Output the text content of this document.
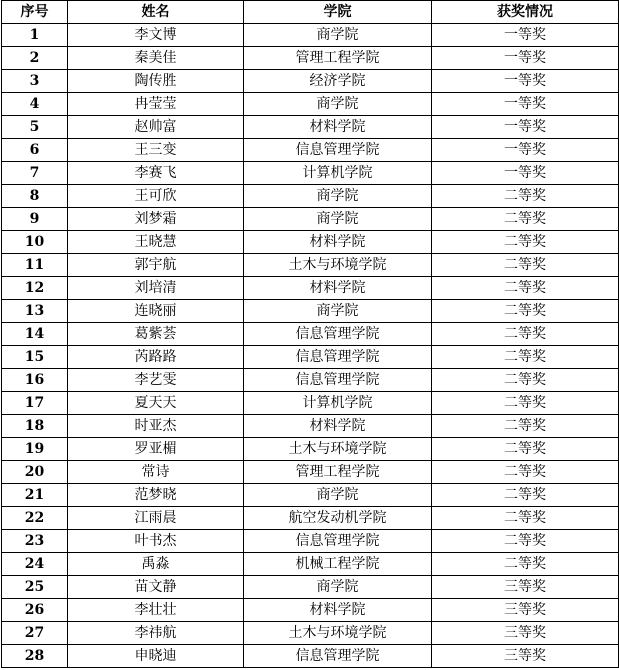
序号	姓名	学院	获奖情况
1	李文博	商学院	一等奖
2	秦美佳	管理工程学院	一等奖
3	陶传胜	经济学院	一等奖
4	冉莹莹	商学院	一等奖
5	赵帅富	材料学院	一等奖
6	王三变	信息管理学院	一等奖
7	李赛飞	计算机学院	一等奖
8	王可欣	商学院	二等奖
9	刘梦霜	商学院	二等奖
10	王晓慧	材料学院	二等奖
11	郭宇航	土木与环境学院	二等奖
12	刘培清	材料学院	二等奖
13	连晓丽	商学院	二等奖
14	葛紫荟	信息管理学院	二等奖
15	芮路路	信息管理学院	二等奖
16	李艺雯	信息管理学院	二等奖
17	夏天天	计算机学院	二等奖
18	时亚杰	材料学院	二等奖
19	罗亚楣	土木与环境学院	二等奖
20	常诗	管理工程学院	二等奖
21	范梦晓	商学院	二等奖
22	江雨晨	航空发动机学院	二等奖
23	叶书杰	信息管理学院	二等奖
24	禹淼	机械工程学院	二等奖
25	苗文静	商学院	三等奖
26	李壮壮	材料学院	三等奖
27	李祎航	土木与环境学院	三等奖
28	申晓迪	信息管理学院	三等奖
